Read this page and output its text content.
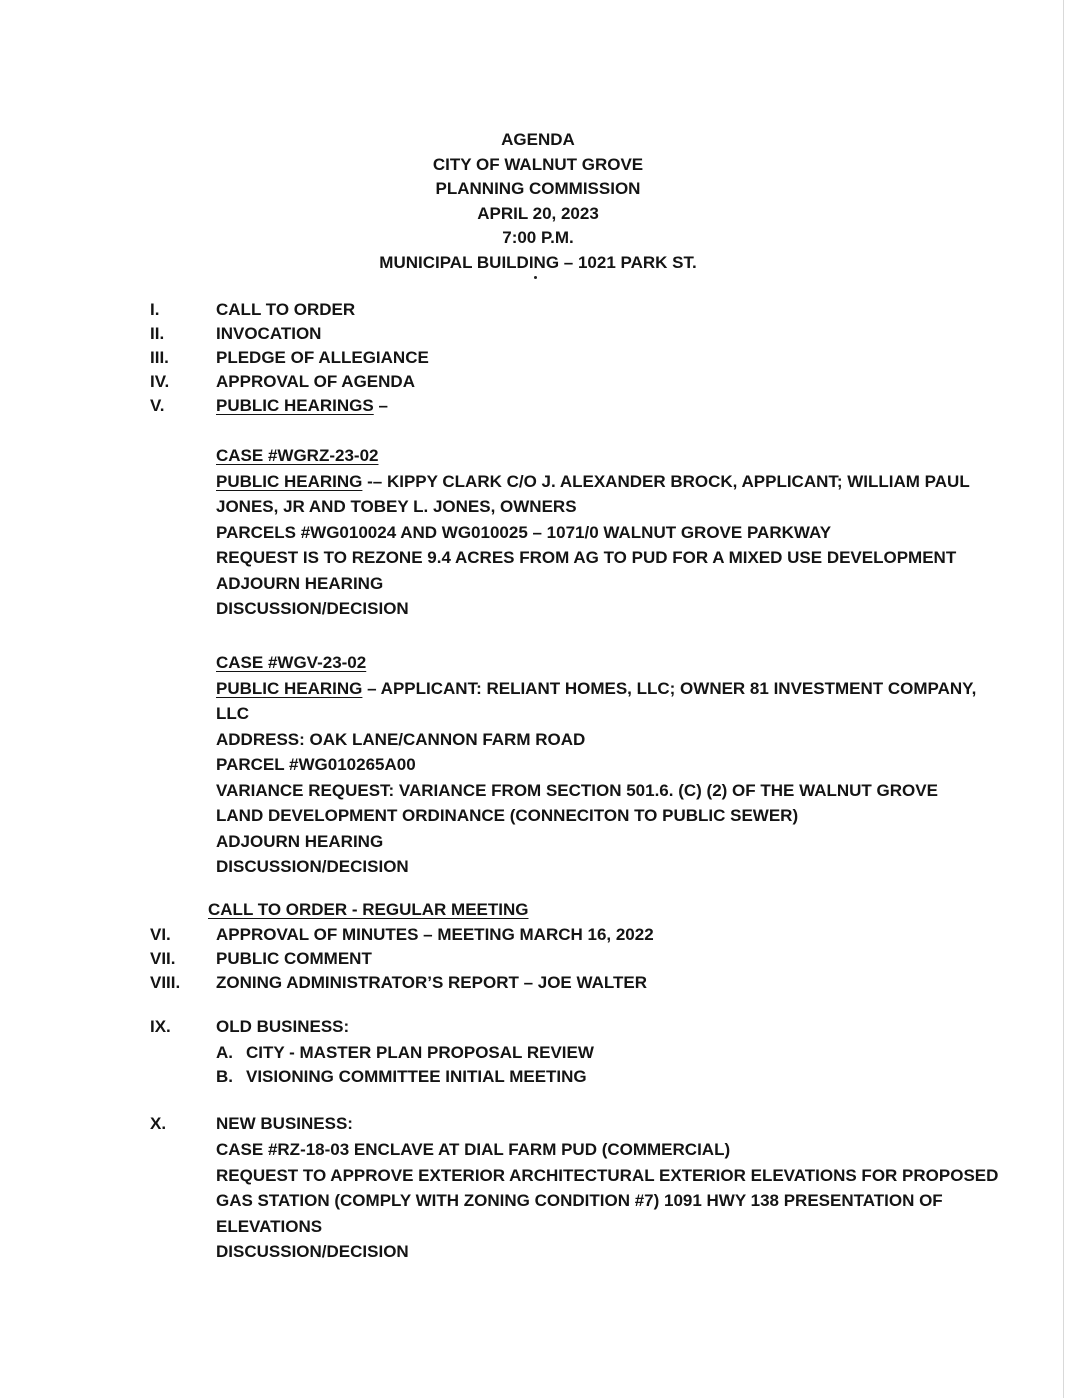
AGENDA
CITY OF WALNUT GROVE
PLANNING COMMISSION
APRIL 20, 2023
7:00 P.M.
MUNICIPAL BUILDING – 1021 PARK ST.
I.	CALL TO ORDER
II.	INVOCATION
III.	PLEDGE OF ALLEGIANCE
IV.	APPROVAL OF AGENDA
V.	PUBLIC HEARINGS –
CASE #WGRZ-23-02
PUBLIC HEARING -– KIPPY CLARK C/O J. ALEXANDER BROCK, APPLICANT; WILLIAM PAUL
JONES, JR AND TOBEY L. JONES, OWNERS
PARCELS #WG010024 AND WG010025 – 1071/0 WALNUT GROVE PARKWAY
REQUEST IS TO REZONE 9.4 ACRES FROM AG TO PUD FOR A MIXED USE DEVELOPMENT
ADJOURN HEARING
DISCUSSION/DECISION
CASE #WGV-23-02
PUBLIC HEARING – APPLICANT: RELIANT HOMES, LLC; OWNER 81 INVESTMENT COMPANY,
LLC
ADDRESS: OAK LANE/CANNON FARM ROAD
PARCEL #WG010265A00
VARIANCE REQUEST: VARIANCE FROM SECTION 501.6. (C) (2) OF THE WALNUT GROVE
LAND DEVELOPMENT ORDINANCE (CONNECITON TO PUBLIC SEWER)
ADJOURN HEARING
DISCUSSION/DECISION
CALL TO ORDER - REGULAR MEETING
VI.	APPROVAL OF MINUTES – MEETING MARCH 16, 2022
VII. PUBLIC COMMENT
VIII. ZONING ADMINISTRATOR’S REPORT – JOE WALTER
IX.	OLD BUSINESS:
A. CITY - MASTER PLAN PROPOSAL REVIEW
B. VISIONING COMMITTEE INITIAL MEETING
X.	NEW BUSINESS:
CASE #RZ-18-03 ENCLAVE AT DIAL FARM PUD (COMMERCIAL)
REQUEST TO APPROVE EXTERIOR ARCHITECTURAL EXTERIOR ELEVATIONS FOR PROPOSED
GAS STATION (COMPLY WITH ZONING CONDITION #7) 1091 HWY 138 PRESENTATION OF
ELEVATIONS
DISCUSSION/DECISION
